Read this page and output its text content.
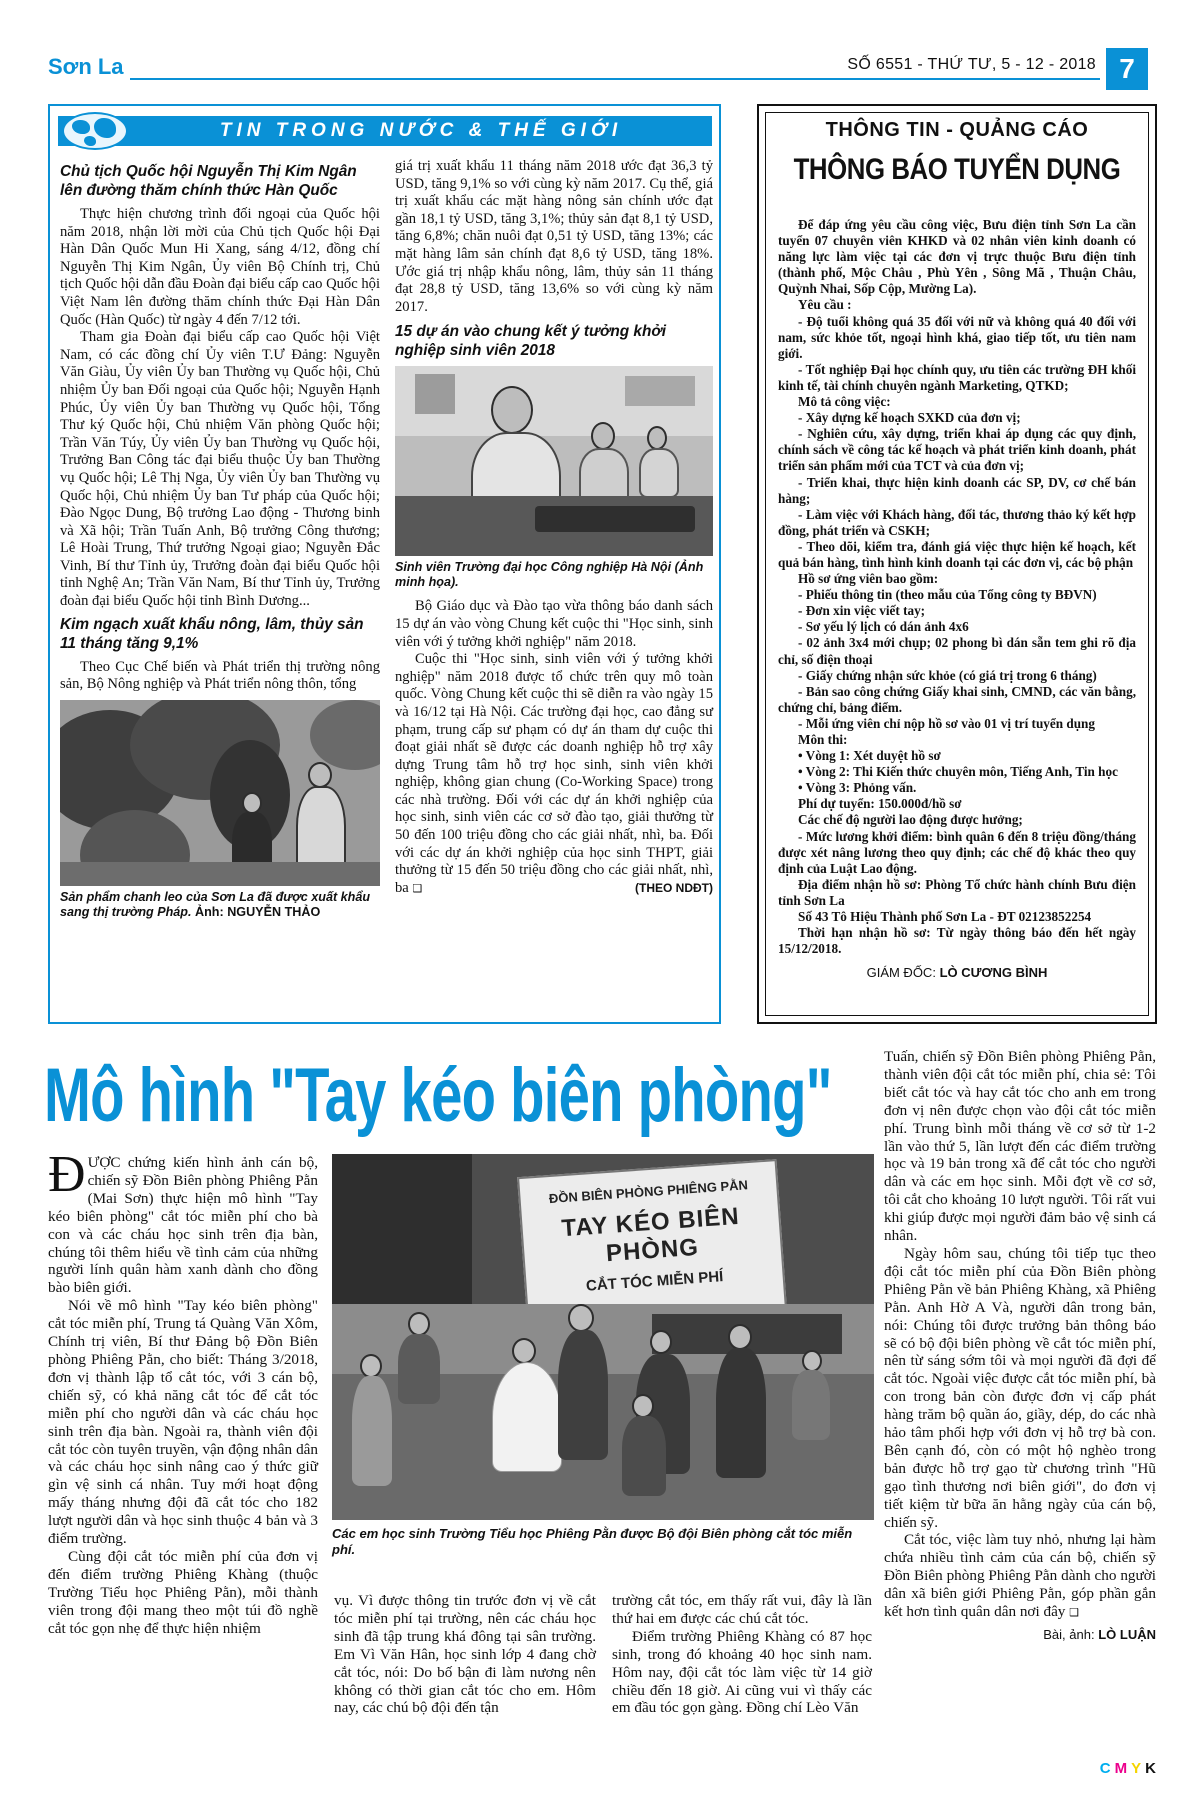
Sơn La	SỐ 6551 - THỨ TƯ, 5 - 12 - 2018 7
TIN TRONG NƯỚC & THẾ GIỚI
Chủ tịch Quốc hội Nguyễn Thị Kim Ngân lên đường thăm chính thức Hàn Quốc

Thực hiện chương trình đối ngoại của Quốc hội năm 2018, nhận lời mời của Chủ tịch Quốc hội Đại Hàn Dân Quốc Mun Hi Xang, sáng 4/12, đồng chí Nguyễn Thị Kim Ngân, Ủy viên Bộ Chính trị, Chủ tịch Quốc hội dẫn đầu Đoàn đại biểu cấp cao Quốc hội Việt Nam lên đường thăm chính thức Đại Hàn Dân Quốc (Hàn Quốc) từ ngày 4 đến 7/12 tới.

Tham gia Đoàn đại biểu cấp cao Quốc hội Việt Nam, có các đồng chí Ủy viên T.Ư Đảng: Nguyễn Văn Giàu, Ủy viên Ủy ban Thường vụ Quốc hội, Chủ nhiệm Ủy ban Đối ngoại của Quốc hội; Nguyễn Hạnh Phúc, Ủy viên Ủy ban Thường vụ Quốc hội, Tổng Thư ký Quốc hội, Chủ nhiệm Văn phòng Quốc hội; Trần Văn Túy, Ủy viên Ủy ban Thường vụ Quốc hội, Trưởng Ban Công tác đại biểu thuộc Ủy ban Thường vụ Quốc hội; Lê Thị Nga, Ủy viên Ủy ban Thường vụ Quốc hội, Chủ nhiệm Ủy ban Tư pháp của Quốc hội; Đào Ngọc Dung, Bộ trưởng Lao động - Thương binh và Xã hội; Trần Tuấn Anh, Bộ trưởng Công thương; Lê Hoài Trung, Thứ trưởng Ngoại giao; Nguyễn Đắc Vinh, Bí thư Tỉnh ủy, Trưởng đoàn đại biểu Quốc hội tỉnh Nghệ An; Trần Văn Nam, Bí thư Tỉnh ủy, Trưởng đoàn đại biểu Quốc hội tỉnh Bình Dương...

Kim ngạch xuất khẩu nông, lâm, thủy sản 11 tháng tăng 9,1%

Theo Cục Chế biến và Phát triển thị trường nông sản, Bộ Nông nghiệp và Phát triển nông thôn, tổng

Sản phẩm chanh leo của Sơn La đã được xuất khẩu sang thị trường Pháp. Ảnh: NGUYỄN THẢO

giá trị xuất khẩu 11 tháng năm 2018 ước đạt 36,3 tỷ USD, tăng 9,1% so với cùng kỳ năm 2017. Cụ thể, giá trị xuất khẩu các mặt hàng nông sản chính ước đạt gần 18,1 tỷ USD, tăng 3,1%; thủy sản đạt 8,1 tỷ USD, tăng 6,8%; chăn nuôi đạt 0,51 tỷ USD, tăng 13%; các mặt hàng lâm sản chính đạt 8,6 tỷ USD, tăng 18%. Ước giá trị nhập khẩu nông, lâm, thủy sản 11 tháng đạt 28,8 tỷ USD, tăng 13,6% so với cùng kỳ năm 2017.

15 dự án vào chung kết ý tưởng khởi nghiệp sinh viên 2018
Sinh viên Trường đại học Công nghiệp Hà Nội (Ảnh minh họa).

Bộ Giáo dục và Đào tạo vừa thông báo danh sách 15 dự án vào vòng Chung kết cuộc thi "Học sinh, sinh viên với ý tưởng khởi nghiệp" năm 2018.

Cuộc thi "Học sinh, sinh viên với ý tưởng khởi nghiệp" năm 2018 được tổ chức trên quy mô toàn quốc. Vòng Chung kết cuộc thi sẽ diễn ra vào ngày 15 và 16/12 tại Hà Nội. Các trường đại học, cao đẳng sư phạm, trung cấp sư phạm có dự án tham dự cuộc thi đoạt giải nhất sẽ được các doanh nghiệp hỗ trợ xây dựng Trung tâm hỗ trợ học sinh, sinh viên khởi nghiệp, không gian chung (Co-Working Space) trong các nhà trường. Đối với các dự án khởi nghiệp của học sinh, sinh viên các cơ sở đào tạo, giải thưởng từ 50 đến 100 triệu đồng cho các giải nhất, nhì, ba. Đối với các dự án khởi nghiệp của học sinh THPT, giải thưởng từ 15 đến 50 triệu đồng cho các giải nhất, nhì, ba ❑	(THEO NDĐT)

THÔNG TIN - QUẢNG CÁO
THÔNG BÁO TUYỂN DỤNG

Để đáp ứng yêu cầu công việc, Bưu điện tỉnh Sơn La cần tuyển 07 chuyên viên KHKD và 02 nhân viên kinh doanh có năng lực làm việc tại các đơn vị trực thuộc Bưu điện tỉnh (thành phố, Mộc Châu , Phù Yên , Sông Mã , Thuận Châu, Quỳnh Nhai, Sốp Cộp, Mường La).

Yêu cầu :

- Độ tuổi không quá 35 đối với nữ và không quá 40 đối với nam, sức khỏe tốt, ngoại hình khá, giao tiếp tốt, ưu tiên nam giới.

- Tốt nghiệp Đại học chính quy, ưu tiên các trường ĐH khối kinh tế, tài chính chuyên ngành Marketing, QTKD;

Mô tả công việc:

- Xây dựng kế hoạch SXKD của đơn vị;

- Nghiên cứu, xây dựng, triển khai áp dụng các quy định, chính sách về công tác kế hoạch và phát triển kinh doanh, phát triển sản phẩm mới của TCT và của đơn vị;

- Triển khai, thực hiện kinh doanh các SP, DV, cơ chế bán hàng;

- Làm việc với Khách hàng, đối tác, thương thảo ký kết hợp đồng, phát triển và CSKH;

- Theo dõi, kiểm tra, đánh giá việc thực hiện kế hoạch, kết quả bán hàng, tình hình kinh doanh tại các đơn vị, các bộ phận

Hồ sơ ứng viên bao gồm:

- Phiếu thông tin (theo mẫu của Tổng công ty BĐVN)

- Đơn xin việc viết tay;

- Sơ yếu lý lịch có dán ảnh 4x6

- 02 ảnh 3x4 mới chụp; 02 phong bì dán sẵn tem ghi rõ địa chỉ, số điện thoại

- Giấy chứng nhận sức khỏe (có giá trị trong 6 tháng)

- Bản sao công chứng Giấy khai sinh, CMND, các văn bằng, chứng chỉ, bảng điểm.

- Mỗi ứng viên chỉ nộp hồ sơ vào 01 vị trí tuyển dụng

Môn thi:

• Vòng 1: Xét duyệt hồ sơ

• Vòng 2: Thi Kiến thức chuyên môn, Tiếng Anh, Tin học

• Vòng 3: Phỏng vấn.

Phí dự tuyển: 150.000đ/hồ sơ

Các chế độ người lao động được hưởng;

- Mức lương khởi điểm: bình quân 6 đến 8 triệu đồng/tháng được xét nâng lương theo quy định; các chế độ khác theo quy định của Luật Lao động.

Địa điểm nhận hồ sơ: Phòng Tổ chức hành chính Bưu điện tỉnh Sơn La

Số 43 Tô Hiệu Thành phố Sơn La - ĐT 02123852254

Thời hạn nhận hồ sơ: Từ ngày thông báo đến hết ngày 15/12/2018.

GIÁM ĐỐC: LÒ CƯƠNG BÌNH
Mô hình "Tay kéo biên phòng"

ĐƯỢC chứng kiến hình ảnh cán bộ, chiến sỹ Đồn Biên phòng Phiêng Pằn (Mai Sơn) thực hiện mô hình "Tay kéo biên phòng" cắt tóc miễn phí cho bà con và các cháu học sinh trên địa bàn, chúng tôi thêm hiểu về tình cảm của những người lính quân hàm xanh dành cho đồng bào biên giới.

Nói về mô hình "Tay kéo biên phòng" cắt tóc miễn phí, Trung tá Quàng Văn Xôm, Chính trị viên, Bí thư Đảng bộ Đồn Biên phòng Phiêng Pằn, cho biết: Tháng 3/2018, đơn vị thành lập tổ cắt tóc, với 3 cán bộ, chiến sỹ, có khả năng cắt tóc để cắt tóc miễn phí cho người dân và các cháu học sinh trên địa bàn. Ngoài ra, thành viên đội cắt tóc còn tuyên truyền, vận động nhân dân và các cháu học sinh nâng cao ý thức giữ gìn vệ sinh cá nhân. Tuy mới hoạt động mấy tháng nhưng đội đã cắt tóc cho 182 lượt người dân và học sinh thuộc 4 bản và 3 điểm trường.

Cùng đội cắt tóc miễn phí của đơn vị đến điểm trường Phiêng Khàng (thuộc Trường Tiểu học Phiêng Pằn), mỗi thành viên trong đội mang theo một túi đồ nghề cắt tóc gọn nhẹ để thực hiện nhiệm

ĐỒN BIÊN PHÒNG PHIÊNG PẰN
TAY KÉO BIÊN PHÒNG
CẮT TÓC MIỄN PHÍ
Các em học sinh Trường Tiểu học Phiêng Pằn được Bộ đội Biên phòng cắt tóc miễn phí.

vụ. Vì được thông tin trước đơn vị về cắt tóc miễn phí tại trường, nên các cháu học sinh đã tập trung khá đông tại sân trường. Em Vì Văn Hân, học sinh lớp 4 đang chờ cắt tóc, nói: Do bố bận đi làm nương nên không có thời gian cắt tóc cho em. Hôm nay, các chú bộ đội đến tận

trường cắt tóc, em thấy rất vui, đây là lần thứ hai em được các chú cắt tóc.

Điểm trường Phiêng Khàng có 87 học sinh, trong đó khoảng 40 học sinh nam. Hôm nay, đội cắt tóc làm việc từ 14 giờ chiều đến 18 giờ. Ai cũng vui vì thấy các em đầu tóc gọn gàng. Đồng chí Lèo Văn

Tuấn, chiến sỹ Đồn Biên phòng Phiêng Pằn, thành viên đội cắt tóc miễn phí, chia sẻ: Tôi biết cắt tóc và hay cắt tóc cho anh em trong đơn vị nên được chọn vào đội cắt tóc miễn phí. Trung bình mỗi tháng về cơ sở từ 1-2 lần vào thứ 5, lần lượt đến các điểm trường học và 19 bản trong xã để cắt tóc cho người dân và các em học sinh. Mỗi đợt về cơ sở, tôi cắt cho khoảng 10 lượt người. Tôi rất vui khi giúp được mọi người đảm bảo vệ sinh cá nhân.

Ngày hôm sau, chúng tôi tiếp tục theo đội cắt tóc miễn phí của Đồn Biên phòng Phiêng Pằn về bản Phiêng Khàng, xã Phiêng Pằn. Anh Hờ A Và, người dân trong bản, nói: Chúng tôi được trưởng bản thông báo sẽ có bộ đội biên phòng về cắt tóc miễn phí, nên từ sáng sớm tôi và mọi người đã đợi để cắt tóc. Ngoài việc được cắt tóc miễn phí, bà con trong bản còn được đơn vị cấp phát hàng trăm bộ quần áo, giầy, dép, do các nhà hảo tâm phối hợp với đơn vị hỗ trợ bà con. Bên cạnh đó, còn có một hộ nghèo trong bản được hỗ trợ gạo từ chương trình "Hũ gạo tình thương nơi biên giới", do đơn vị tiết kiệm từ bữa ăn hằng ngày của cán bộ, chiến sỹ.

Cắt tóc, việc làm tuy nhỏ, nhưng lại hàm chứa nhiều tình cảm của cán bộ, chiến sỹ Đồn Biên phòng Phiêng Pằn dành cho người dân xã biên giới Phiêng Pằn, góp phần gắn kết hơn tình quân dân nơi đây ❑

Bài, ảnh: LÒ LUẬN
CMYK
